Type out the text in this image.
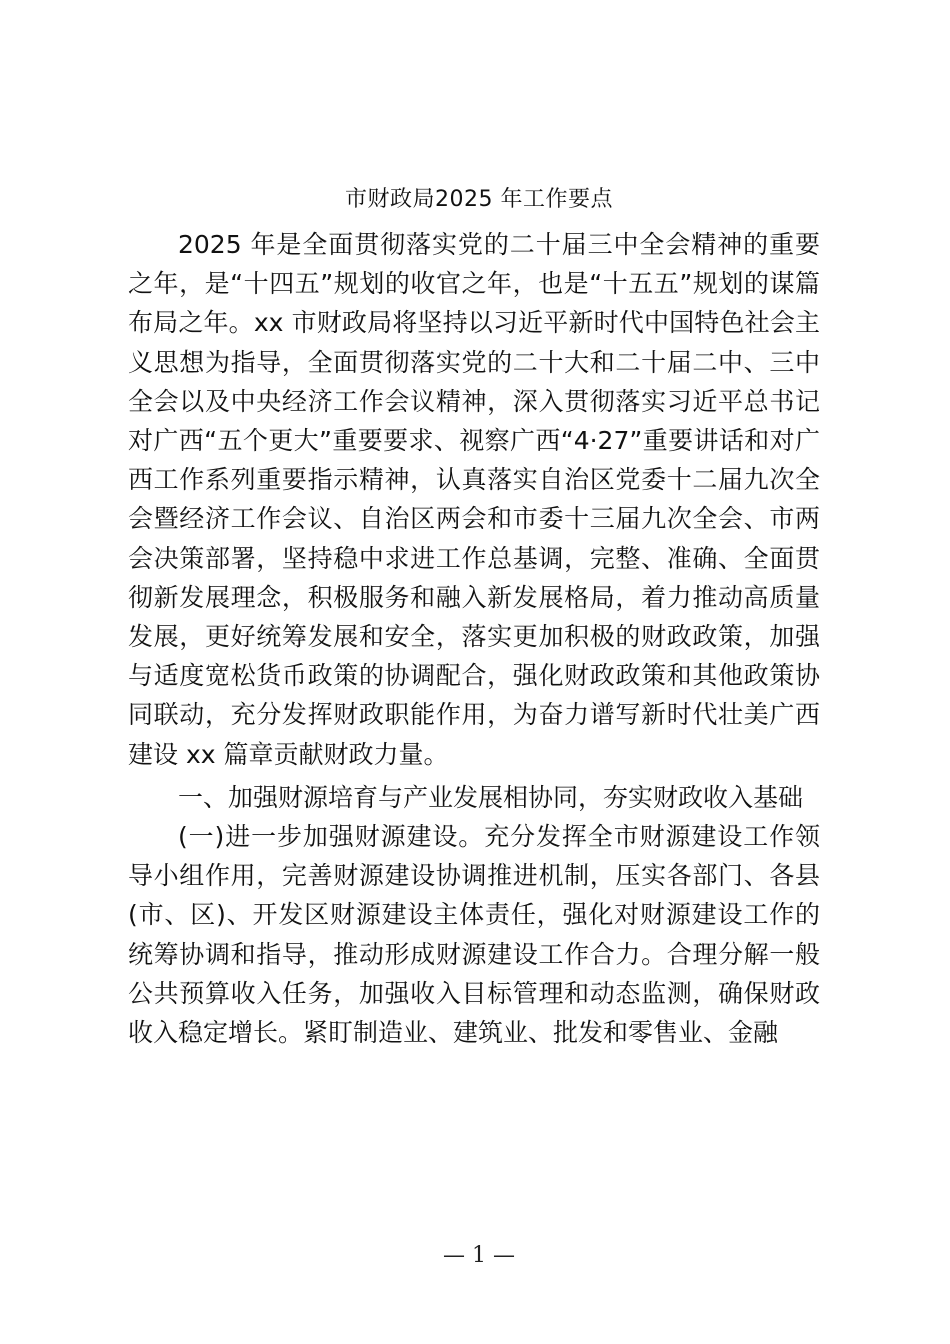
市财政局2025 年工作要点

2025 年是全面贯彻落实党的二十届三中全会精神的重要之年，是“十四五”规划的收官之年，也是“十五五”规划的谋篇布局之年。xx 市财政局将坚持以习近平新时代中国特色社会主义思想为指导，全面贯彻落实党的二十大和二十届二中、三中全会以及中央经济工作会议精神，深入贯彻落实习近平总书记对广西“五个更大”重要要求、视察广西“4·27”重要讲话和对广西工作系列重要指示精神，认真落实自治区党委十二届九次全会暨经济工作会议、自治区两会和市委十三届九次全会、市两会决策部署，坚持稳中求进工作总基调，完整、准确、全面贯彻新发展理念，积极服务和融入新发展格局，着力推动高质量发展，更好统筹发展和安全，落实更加积极的财政政策，加强与适度宽松货币政策的协调配合，强化财政政策和其他政策协同联动，充分发挥财政职能作用，为奋力谱写新时代壮美广西建设 xx 篇章贡献财政力量。

一、加强财源培育与产业发展相协同，夯实财政收入基础

(一)进一步加强财源建设。充分发挥全市财源建设工作领导小组作用，完善财源建设协调推进机制，压实各部门、各县(市、区)、开发区财源建设主体责任，强化对财源建设工作的统筹协调和指导，推动形成财源建设工作合力。合理分解一般公共预算收入任务，加强收入目标管理和动态监测，确保财政收入稳定增长。紧盯制造业、建筑业、批发和零售业、金融

— 1 —
